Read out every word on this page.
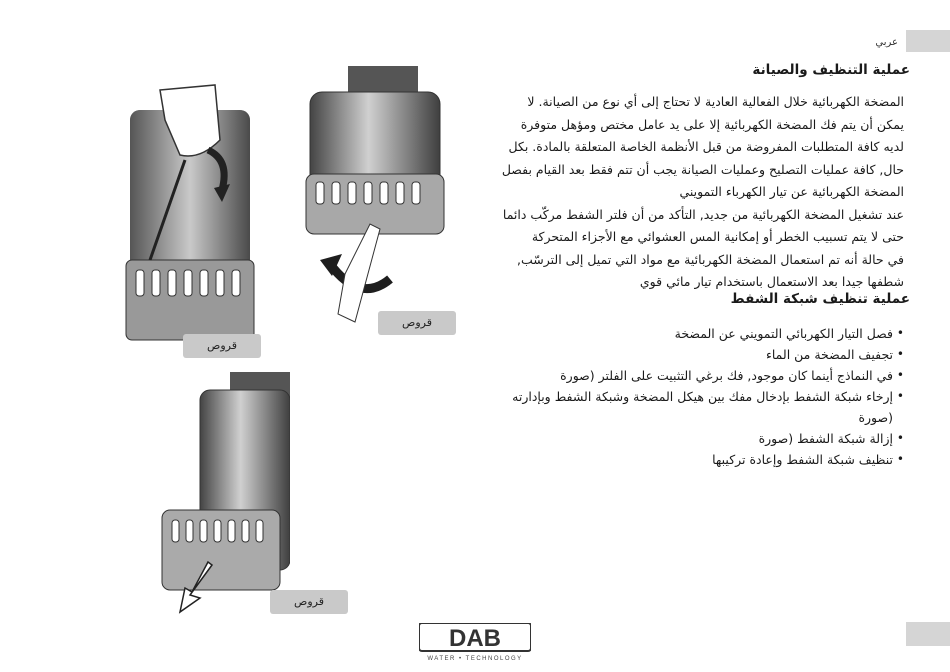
عربي
عملية التنظيف والصيانة
المضخة الكهربائية خلال الفعالية العادية لا تحتاج إلى أي نوع من الصيانة. لا
يمكن أن يتم فك المضخة الكهربائية إلا على يد عامل مختص ومؤهل متوفرة
لديه كافة المتطلبات المفروضة من قبل الأنظمة الخاصة المتعلقة بالمادة. بكل
حال, كافة عمليات التصليح وعمليات الصيانة يجب أن تتم فقط بعد القيام بفصل
المضخة الكهربائية عن تيار الكهرباء التمويني
عند تشغيل المضخة الكهربائية من جديد, التأكد من أن فلتر الشفط مركّب دائما
حتى لا يتم تسبيب الخطر أو إمكانية المس العشوائي مع الأجزاء المتحركة
في حالة أنه تم استعمال المضخة الكهربائية مع مواد التي تميل إلى الترسّب,
شطفها جيدا بعد الاستعمال باستخدام تيار مائي قوي
عملية تنظيف شبكة الشفط
• فصل التيار الكهربائي التمويني عن المضخة
• تجفيف المضخة من الماء
• في النماذج أينما كان موجود, فك برغي التثبيت على الفلتر (صورة
• إرخاء شبكة الشفط بإدخال مفك بين هيكل المضخة وشبكة الشفط وبإدارته (صورة
• إزالة شبكة الشفط (صورة
• تنظيف شبكة الشفط وإعادة تركيبها
قروص
قروص
قروص
DAB
WATER • TECHNOLOGY
